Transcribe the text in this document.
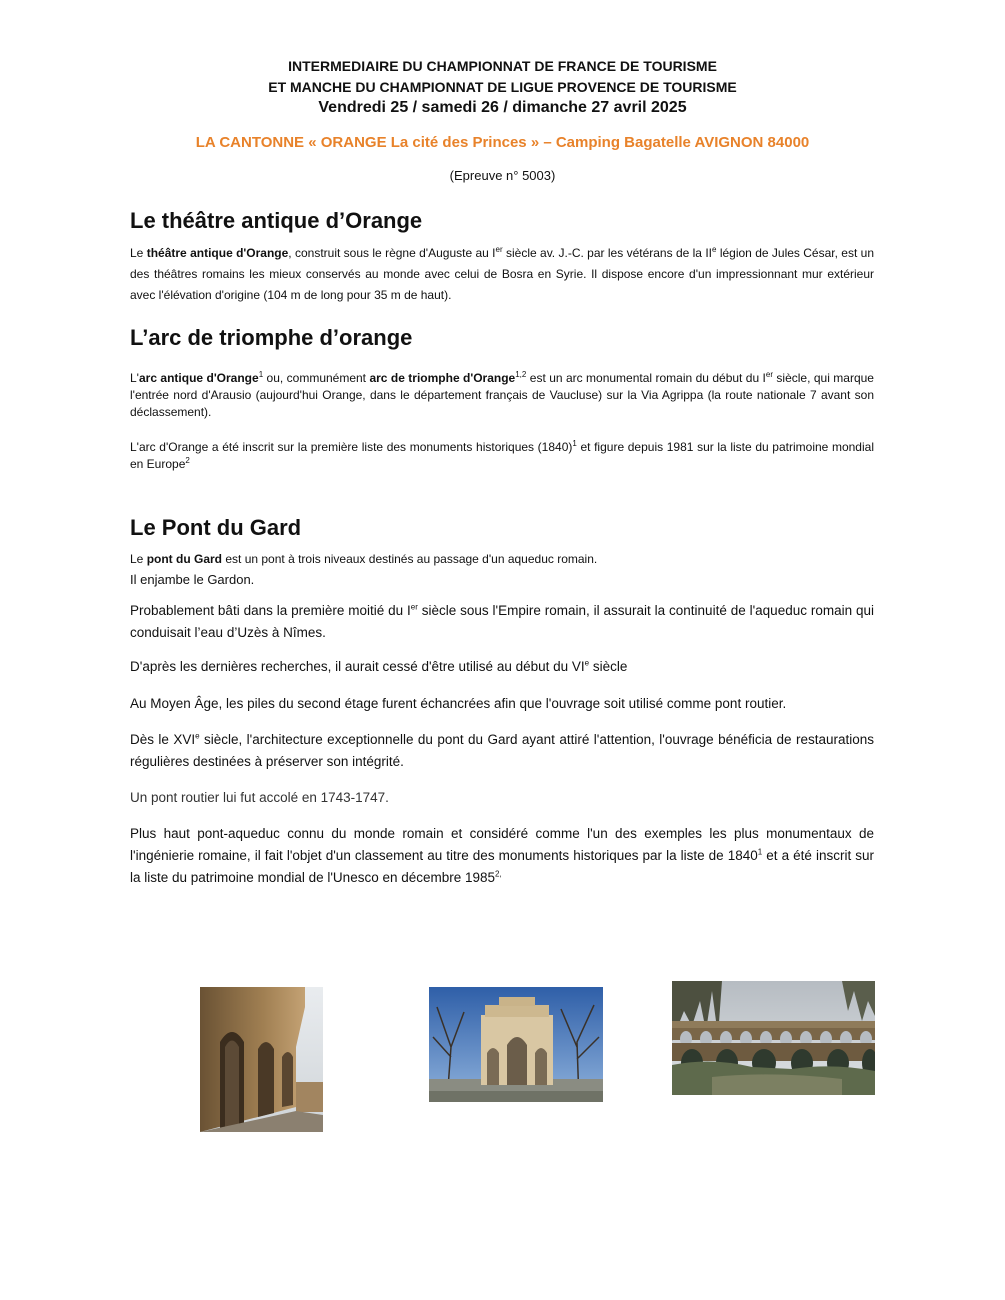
INTERMEDIAIRE DU CHAMPIONNAT DE FRANCE DE TOURISME
ET MANCHE DU CHAMPIONNAT DE LIGUE PROVENCE DE TOURISME
Vendredi 25 / samedi 26 / dimanche 27 avril 2025
LA CANTONNE « ORANGE La cité des Princes » – Camping Bagatelle AVIGNON 84000
(Epreuve n° 5003)
Le théâtre antique d’Orange

Le théâtre antique d'Orange, construit sous le règne d'Auguste au Ier siècle av. J.-C. par les vétérans de la IIe légion de Jules César, est un des théâtres romains les mieux conservés au monde avec celui de Bosra en Syrie. Il dispose encore d'un impressionnant mur extérieur avec l'élévation d'origine (104 m de long pour 35 m de haut).

L’arc de triomphe d’orange

L'arc antique d'Orange$^1$ ou, communément arc de triomphe d'Orange$^{1,2}$ est un arc monumental romain du début du Ier siècle, qui marque l'entrée nord d'Arausio (aujourd'hui Orange, dans le département français de Vaucluse) sur la Via Agrippa (la route nationale 7 avant son déclassement).

L'arc d'Orange a été inscrit sur la première liste des monuments historiques $(1840)^1$ et figure depuis 1981 sur la liste du patrimoine mondial en Europe$^2$

Le Pont du Gard

Le pont du Gard est un pont à trois niveaux destinés au passage d'un aqueduc romain.

Il enjambe le Gardon.

Probablement bâti dans la première moitié du Ier siècle sous l'Empire romain, il assurait la continuité de l'aqueduc romain qui conduisait l’eau d’Uzès à Nîmes.

D'après les dernières recherches, il aurait cessé d'être utilisé au début du VIe siècle

Au Moyen Âge, les piles du second étage furent échancrées afin que l'ouvrage soit utilisé comme pont routier.

Dès le XVIe siècle, l'architecture exceptionnelle du pont du Gard ayant attiré l'attention, l'ouvrage bénéficia de restaurations régulières destinées à préserver son intégrité.

Un pont routier lui fut accolé en 1743-1747.

Plus haut pont-aqueduc connu du monde romain et considéré comme l'un des exemples les plus monumentaux de l'ingénierie romaine, il fait l'objet d'un classement au titre des monuments historiques par la liste de 1840$^1$ et a été inscrit sur la liste du patrimoine mondial de l'Unesco en décembre $1985^{2,}$
